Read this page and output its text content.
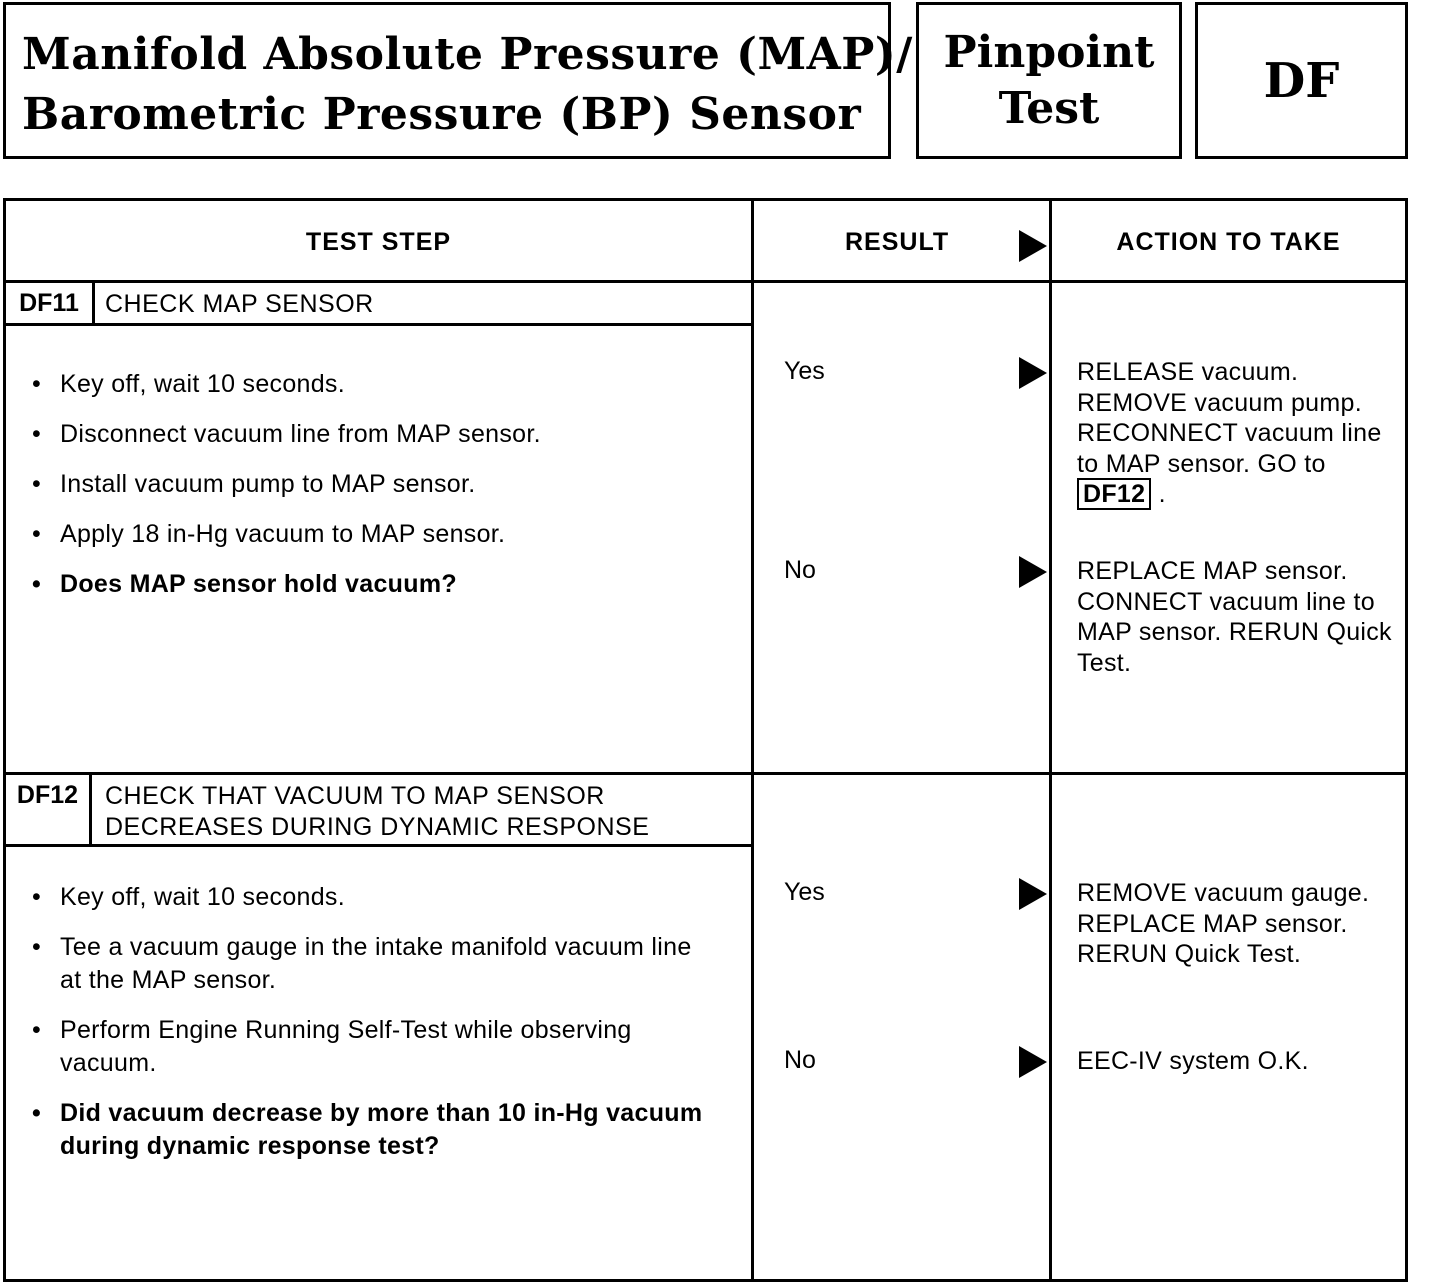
Manifold Absolute Pressure (MAP)/
Barometric Pressure (BP) Sensor
Pinpoint
Test	DF
TEST STEP	RESULT	ACTION TO TAKE
DF11	CHECK MAP SENSOR
• Key off, wait 10 seconds.
• Disconnect vacuum line from MAP sensor.
• Install vacuum pump to MAP sensor.
• Apply 18 in-Hg vacuum to MAP sensor.
• Does MAP sensor hold vacuum?
Yes	RELEASE vacuum. REMOVE vacuum pump. RECONNECT vacuum line to MAP sensor. GO to DF12 .
No	REPLACE MAP sensor. CONNECT vacuum line to MAP sensor. RERUN Quick Test.
DF12	CHECK THAT VACUUM TO MAP SENSOR
DECREASES DURING DYNAMIC RESPONSE
• Key off, wait 10 seconds.
• Tee a vacuum gauge in the intake manifold vacuum line at the MAP sensor.
• Perform Engine Running Self-Test while observing vacuum.
• Did vacuum decrease by more than 10 in-Hg vacuum during dynamic response test?
Yes	REMOVE vacuum gauge. REPLACE MAP sensor. RERUN Quick Test.
No	EEC-IV system O.K.
